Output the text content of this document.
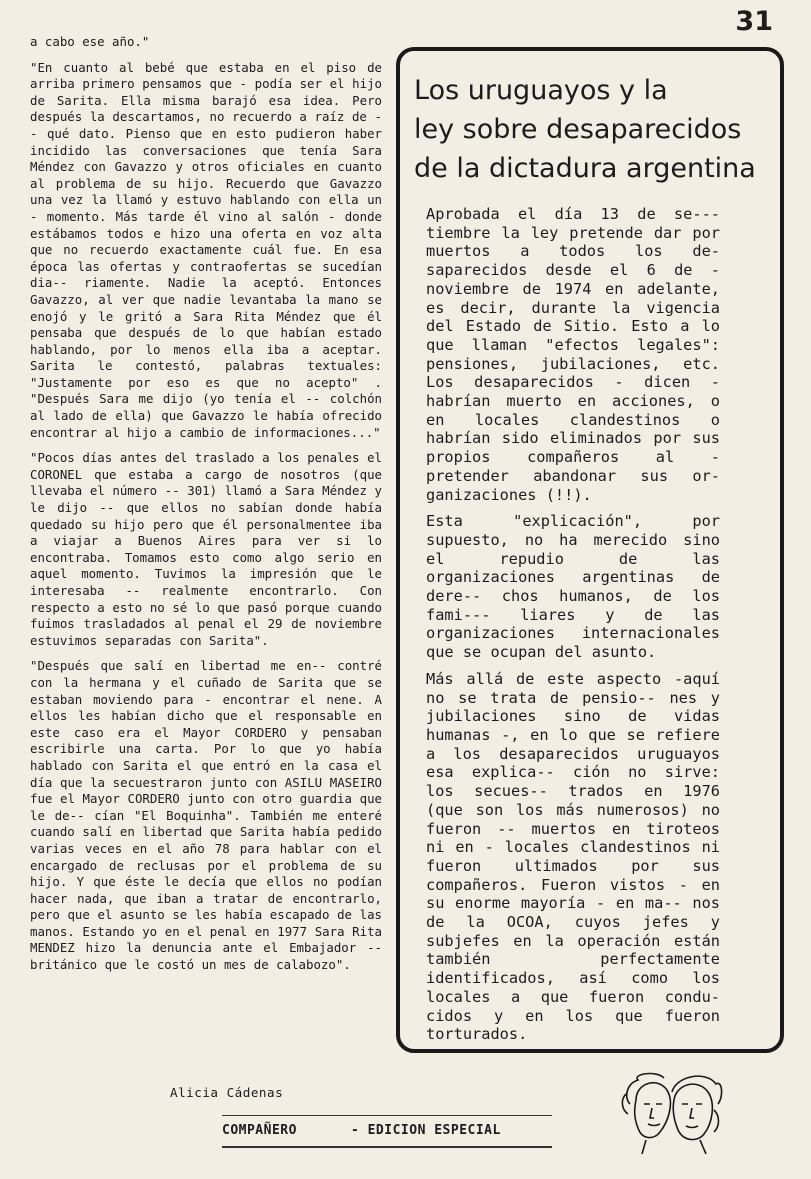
31

a cabo ese año."

"En cuanto al bebé que estaba en el piso de arriba primero pensamos que - podía ser el hijo de Sarita. Ella misma barajó esa idea. Pero después la descartamos, no recuerdo a raíz de -- qué dato. Pienso que en esto pudieron haber incidido las conversaciones que tenía Sara Méndez con Gavazzo y otros oficiales en cuanto al problema de su hijo. Recuerdo que Gavazzo una vez la llamó y estuvo hablando con ella un - momento. Más tarde él vino al salón - donde estábamos todos e hizo una oferta en voz alta que no recuerdo exactamente cuál fue. En esa época las ofertas y contraofertas se sucedían dia-- riamente. Nadie la aceptó. Entonces Gavazzo, al ver que nadie levantaba la mano se enojó y le gritó a Sara Rita Méndez que él pensaba que después de lo que habían estado hablando, por lo menos ella iba a aceptar. Sarita le contestó, palabras textuales: "Justamente por eso es que no acepto" . "Después Sara me dijo (yo tenía el -- colchón al lado de ella) que Gavazzo le había ofrecido encontrar al hijo a cambio de informaciones..."

"Pocos días antes del traslado a los penales el CORONEL que estaba a cargo de nosotros (que llevaba el número -- 301) llamó a Sara Méndez y le dijo -- que ellos no sabían donde había quedado su hijo pero que él personalmentee iba a viajar a Buenos Aires para ver si lo encontraba. Tomamos esto como algo serio en aquel momento. Tuvimos la impresión que le interesaba -- realmente encontrarlo. Con respecto a esto no sé lo que pasó porque cuando fuimos trasladados al penal el 29 de noviembre estuvimos separadas con Sarita".

"Después que salí en libertad me en-- contré con la hermana y el cuñado de Sarita que se estaban moviendo para - encontrar el nene. A ellos les habían dicho que el responsable en este caso era el Mayor CORDERO y pensaban escribirle una carta. Por lo que yo había hablado con Sarita el que entró en la casa el día que la secuestraron junto con ASILU MASEIRO fue el Mayor CORDERO junto con otro guardia que le de-- cían "El Boquinha". También me enteré cuando salí en libertad que Sarita había pedido varias veces en el año 78 para hablar con el encargado de reclusas por el problema de su hijo. Y que éste le decía que ellos no podían hacer nada, que iban a tratar de encontrarlo, pero que el asunto se les había escapado de las manos. Estando yo en el penal en 1977 Sara Rita MENDEZ hizo la denuncia ante el Embajador -- británico que le costó un mes de calabozo".

Alicia Cádenas
Los uruguayos y la
ley sobre desaparecidos
de la dictadura argentina

Aprobada el día 13 de se--- tiembre la ley pretende dar por muertos a todos los de- saparecidos desde el 6 de - noviembre de 1974 en adelante, es decir, durante la vigencia del Estado de Sitio. Esto a lo que llaman "efectos legales": pensiones, jubilaciones, etc. Los desaparecidos - dicen - habrían muerto en acciones, o en locales clandestinos o habrían sido eliminados por sus propios compañeros al - pretender abandonar sus or- ganizaciones (!!).

Esta "explicación", por supuesto, no ha merecido sino el repudio de las organizaciones argentinas de dere-- chos humanos, de los fami--- liares y de las organizaciones internacionales que se ocupan del asunto.

Más allá de este aspecto -aquí no se trata de pensio-- nes y jubilaciones sino de vidas humanas -, en lo que se refiere a los desaparecidos uruguayos esa explica-- ción no sirve: los secues-- trados en 1976 (que son los más numerosos) no fueron -- muertos en tiroteos ni en - locales clandestinos ni fueron ultimados por sus compañeros. Fueron vistos - en su enorme mayoría - en ma-- nos de la OCOA, cuyos jefes y subjefes en la operación están también perfectamente identificados, así como los locales a que fueron condu- cidos y en los que fueron torturados.

COMPAÑERO	- EDICION ESPECIAL
